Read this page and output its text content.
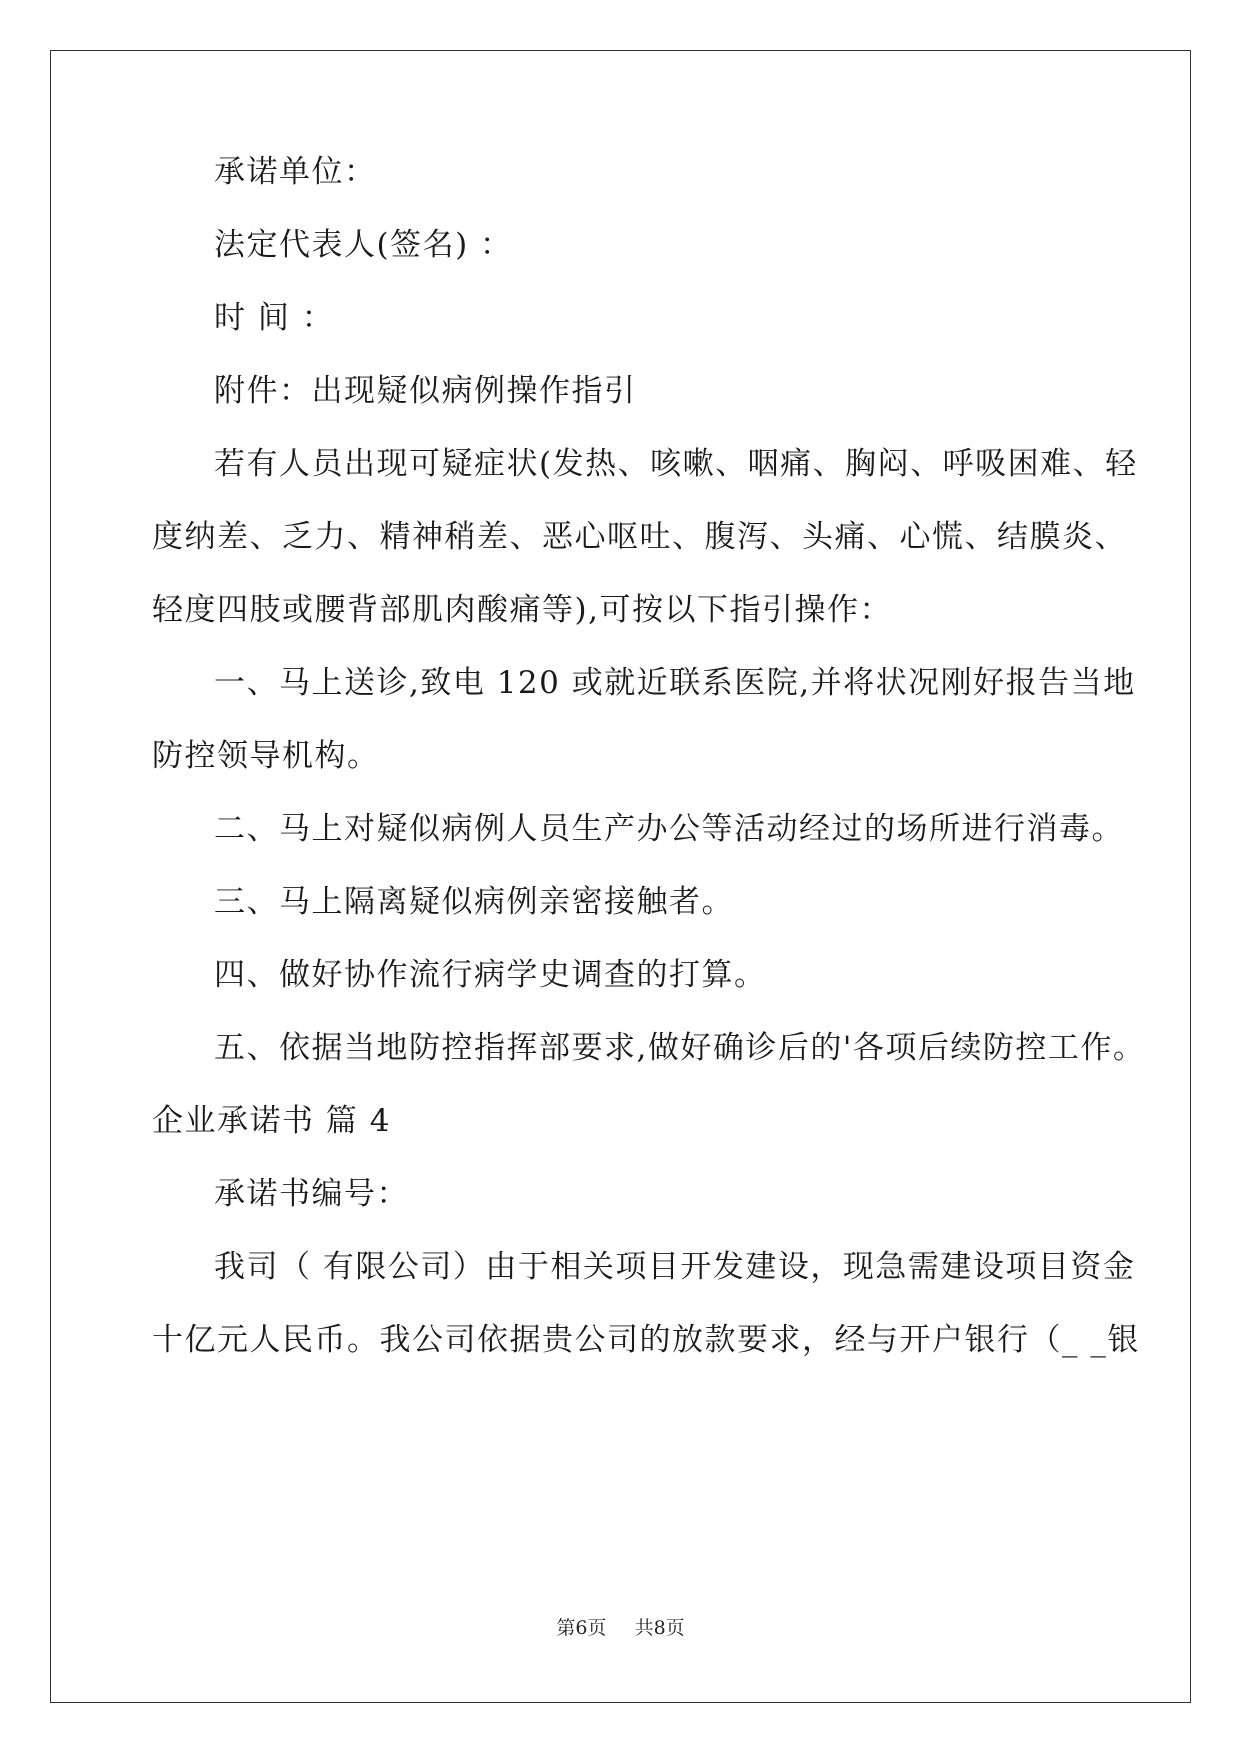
承诺单位：
法定代表人(签名) ：
时 间 ：
附件：出现疑似病例操作指引
若有人员出现可疑症状(发热、咳嗽、咽痛、胸闷、呼吸困难、轻
度纳差、乏力、精神稍差、恶心呕吐、腹泻、头痛、心慌、结膜炎、
轻度四肢或腰背部肌肉酸痛等),可按以下指引操作：
一、马上送诊,致电 120 或就近联系医院,并将状况刚好报告当地
防控领导机构。
二、马上对疑似病例人员生产办公等活动经过的场所进行消毒。
三、马上隔离疑似病例亲密接触者。
四、做好协作流行病学史调查的打算。
五、依据当地防控指挥部要求,做好确诊后的'各项后续防控工作。
企业承诺书 篇 4
承诺书编号：
我司（ 有限公司）由于相关项目开发建设，现急需建设项目资金
十亿元人民币。我公司依据贵公司的放款要求，经与开户银行（_ _银
第6页 共8页
